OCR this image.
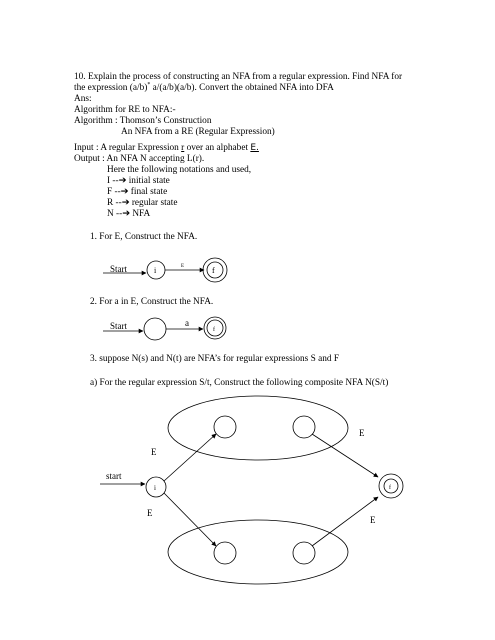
10. Explain the process of constructing an NFA from a regular expression. Find NFA for

the expression (a/b)* a/(a/b)(a/b). Convert the obtained NFA into DFA

Ans:

Algorithm for RE to NFA:-

Algorithm : Thomson’s Construction

An NFA from a RE (Regular Expression)

Input : A regular Expression r over an alphabet E.

Output : An NFA N accepting L(r).

Here the following notations and used,

I --➔ initial state

F --➔ final state

R --➔ regular state

N --➔ NFA

1. For E, Construct the NFA.

2. For a in E, Construct the NFA.

3. suppose N(s) and N(t) are NFA’s for regular expressions S and F

a) For the regular expression S/t, Construct the following composite NFA N(S/t)

Start	i	E	f
Start	a
f
start
i
E
E
E
E
f
